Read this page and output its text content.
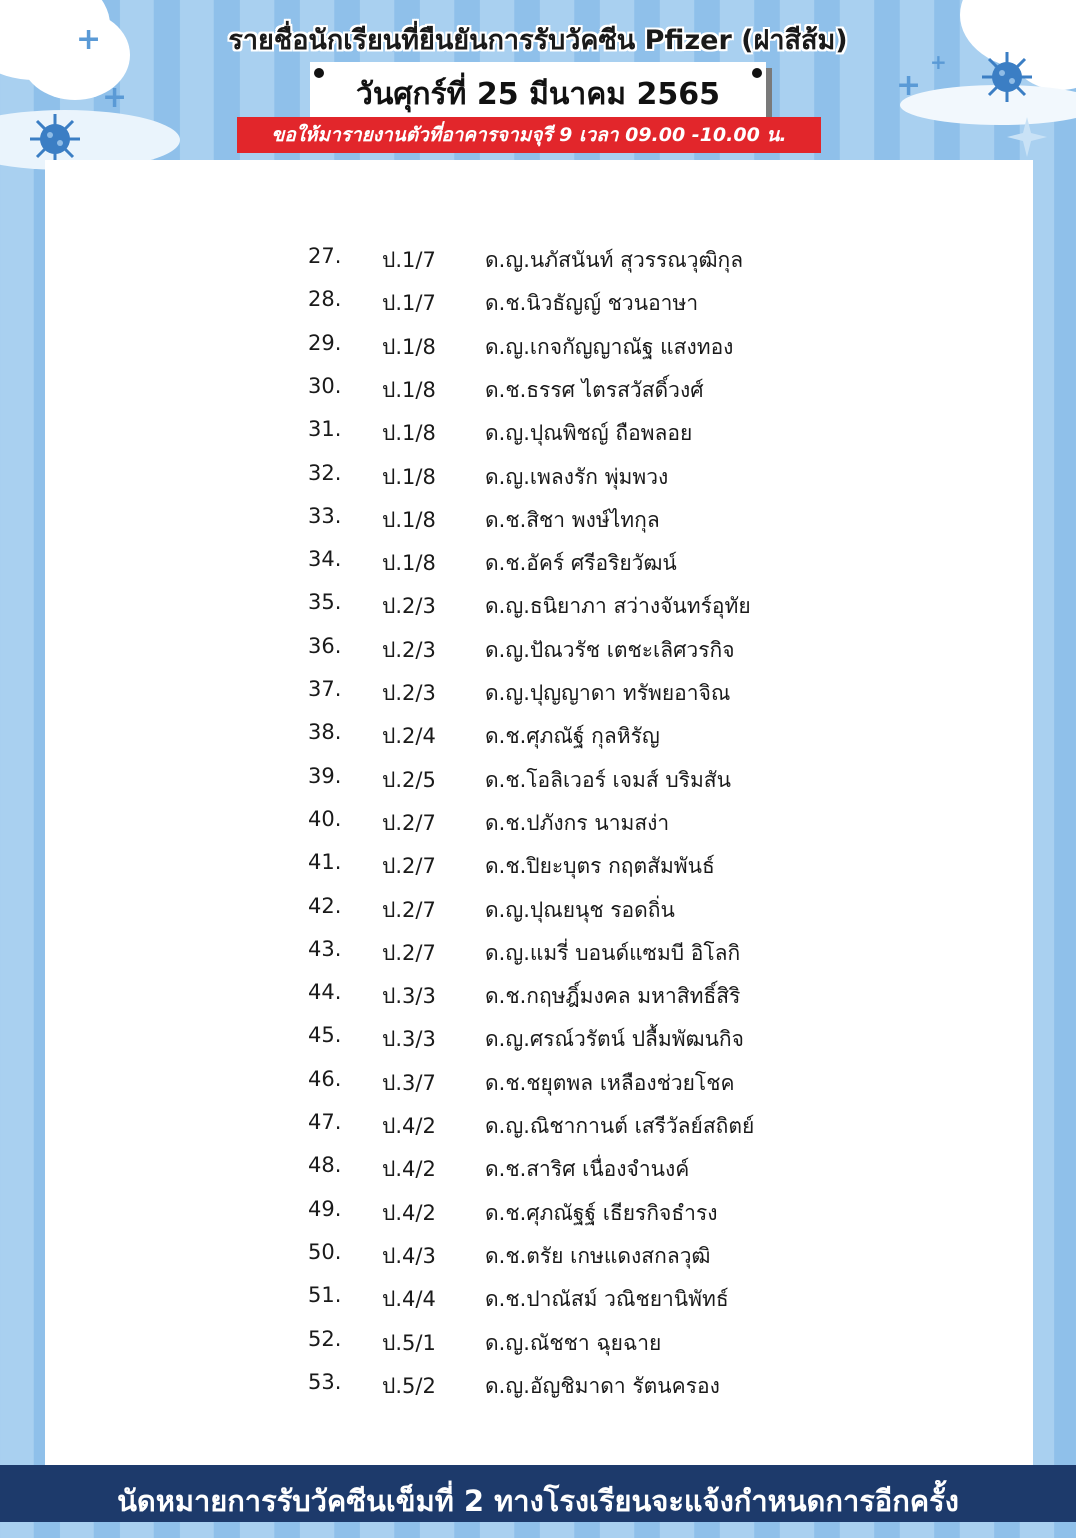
+
+	+
+
รายชื่อนักเรียนที่ยืนยันการรับวัคซีน Pfizer (ฝาสีส้ม)
วันศุกร์ที่ 25 มีนาคม 2565
ขอให้มารายงานตัวที่อาคารจามจุรี 9 เวลา 09.00 -10.00 น.
27. ป.1/7 ด.ญ.นภัสนันท์ สุวรรณวุฒิกุล
28. ป.1/7 ด.ช.นิวธัญญ์ ชวนอาษา
29. ป.1/8 ด.ญ.เกจกัญญาณัฐ แสงทอง
30. ป.1/8 ด.ช.ธรรศ ไตรสวัสดิ์วงศ์
31. ป.1/8 ด.ญ.ปุณพิชญ์ ถือพลอย
32. ป.1/8 ด.ญ.เพลงรัก พุ่มพวง
33. ป.1/8 ด.ช.สิชา พงษ์ไทกุล
34. ป.1/8 ด.ช.อัคร์ ศรีอริยวัฒน์
35. ป.2/3 ด.ญ.ธนิยาภา สว่างจันทร์อุทัย
36. ป.2/3 ด.ญ.ปัณวรัช เตชะเลิศวรกิจ
37. ป.2/3 ด.ญ.ปุญญาดา ทรัพยอาจิณ
38. ป.2/4 ด.ช.ศุภณัฐ์ กุลหิรัญ
39. ป.2/5 ด.ช.โอลิเวอร์ เจมส์ บริมสัน
40. ป.2/7 ด.ช.ปภังกร นามสง่า
41. ป.2/7 ด.ช.ปิยะบุตร กฤตสัมพันธ์
42. ป.2/7 ด.ญ.ปุณยนุช รอดถิ่น
43. ป.2/7 ด.ญ.แมรี่ บอนด์แซมบี อิโลกิ
44. ป.3/3 ด.ช.กฤษฎิ์มงคล มหาสิทธิ์สิริ
45. ป.3/3 ด.ญ.ศรณ์วรัตน์ ปลื้มพัฒนกิจ
46. ป.3/7 ด.ช.ชยุตพล เหลืองช่วยโชค
47. ป.4/2 ด.ญ.ณิชากานต์ เสรีวัลย์สถิตย์
48. ป.4/2 ด.ช.สาริศ เนื่องจำนงค์
49. ป.4/2 ด.ช.ศุภณัฐฐ์ เธียรกิจธำรง
50. ป.4/3 ด.ช.ตรัย เกษแดงสกลวุฒิ
51. ป.4/4 ด.ช.ปาณัสม์ วณิชยานิพัทธ์
52. ป.5/1 ด.ญ.ณัชชา ฉุยฉาย
53. ป.5/2 ด.ญ.อัญชิมาดา รัตนครอง
นัดหมายการรับวัคซีนเข็มที่ 2 ทางโรงเรียนจะแจ้งกำหนดการอีกครั้ง
